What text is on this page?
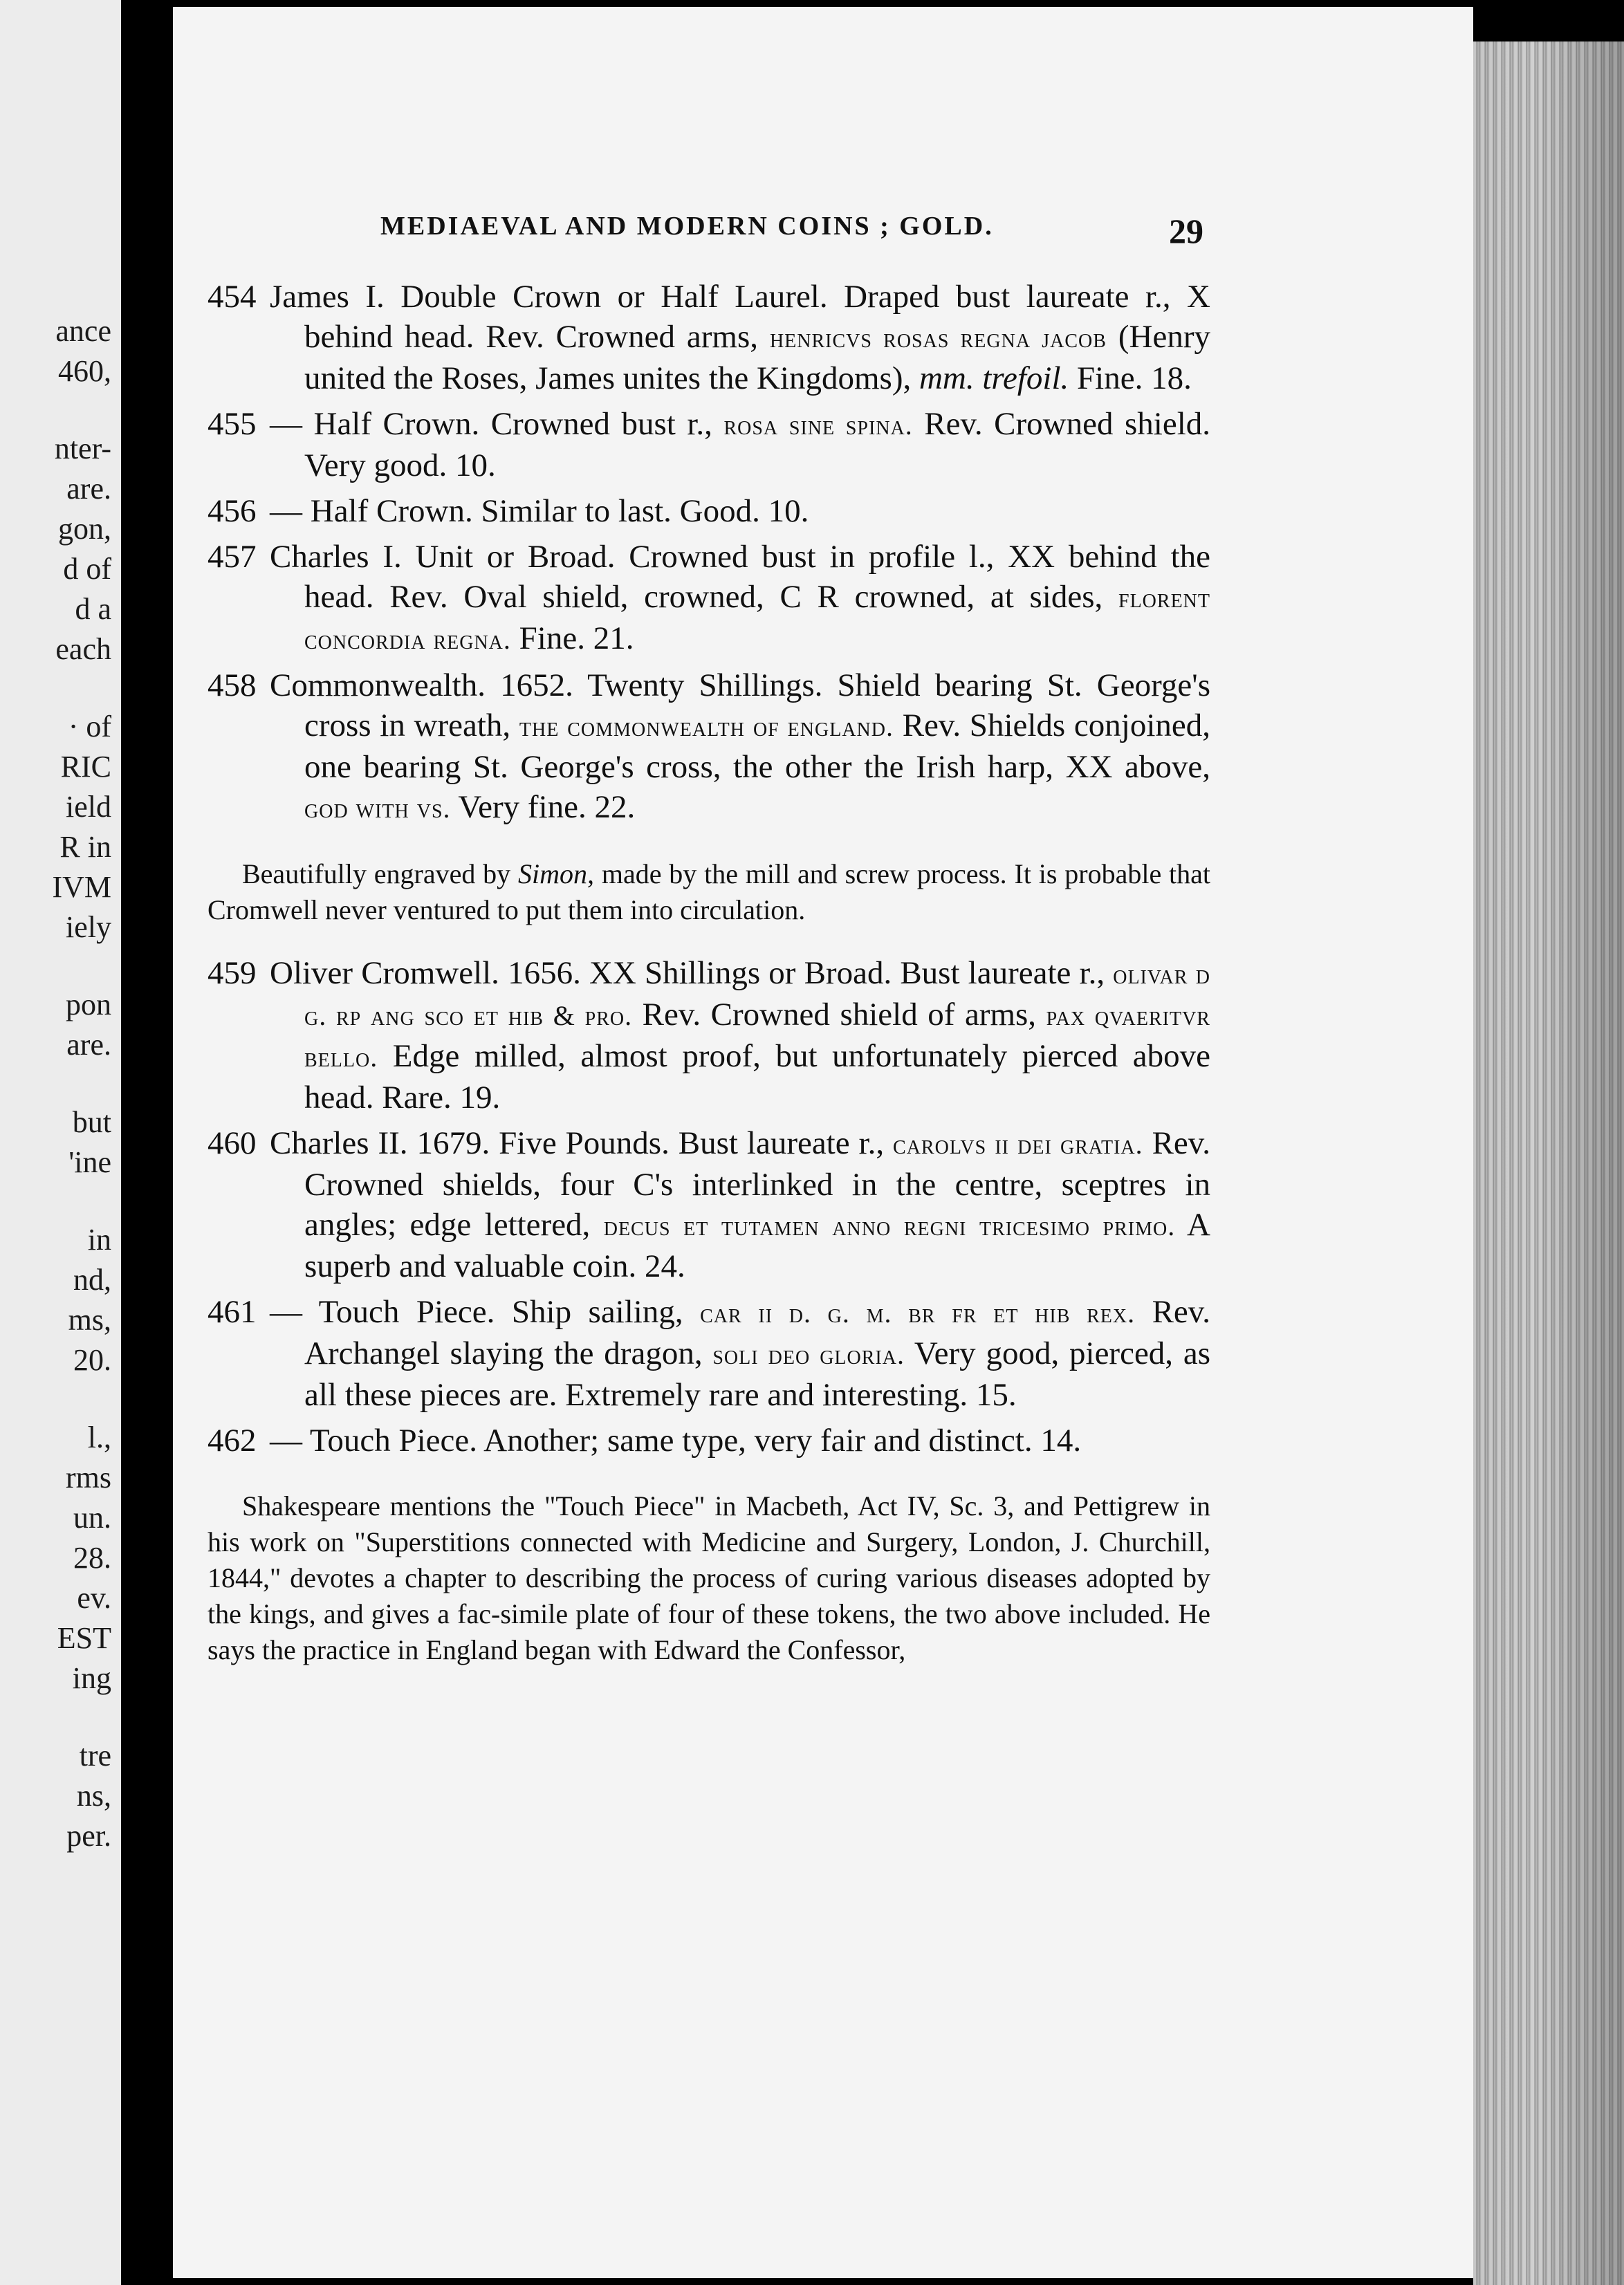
ance
460,
nter-
are.
gon,
d of
d a
each
· of
RIC
ield
R in
IVM
iely
pon
are.
but
'ine
in
nd,
ms,
20.
l.,
rms
un.
28.
ev.
EST
ing
tre
ns,
per.
MEDIAEVAL AND MODERN COINS ; GOLD.	29
454 James I. Double Crown or Half Laurel. Draped bust laureate r., X behind head. Rev. Crowned arms, henricvs rosas regna jacob (Henry united the Roses, James unites the Kingdoms), mm. trefoil. Fine. 18.
455 — Half Crown. Crowned bust r., rosa sine spina. Rev. Crowned shield. Very good. 10.
456 — Half Crown. Similar to last. Good. 10.
457 Charles I. Unit or Broad. Crowned bust in profile l., XX behind the head. Rev. Oval shield, crowned, C R crowned, at sides, florent concordia regna. Fine. 21.
458 Commonwealth. 1652. Twenty Shillings. Shield bearing St. George's cross in wreath, the commonwealth of england. Rev. Shields conjoined, one bearing St. George's cross, the other the Irish harp, XX above, god with vs. Very fine. 22.
Beautifully engraved by Simon, made by the mill and screw process. It is probable that Cromwell never ventured to put them into circulation.
459 Oliver Cromwell. 1656. XX Shillings or Broad. Bust laureate r., olivar d g. rp ang sco et hib & pro. Rev. Crowned shield of arms, pax qvaeritvr bello. Edge milled, almost proof, but unfortunately pierced above head. Rare. 19.
460 Charles II. 1679. Five Pounds. Bust laureate r., carolvs ii dei gratia. Rev. Crowned shields, four C's interlinked in the centre, sceptres in angles; edge lettered, decus et tutamen anno regni tricesimo primo. A superb and valuable coin. 24.
461 — Touch Piece. Ship sailing, car ii d. g. m. br fr et hib rex. Rev. Archangel slaying the dragon, soli deo gloria. Very good, pierced, as all these pieces are. Extremely rare and interesting. 15.
462 — Touch Piece. Another; same type, very fair and distinct. 14.
Shakespeare mentions the "Touch Piece" in Macbeth, Act IV, Sc. 3, and Pettigrew in his work on "Superstitions connected with Medicine and Surgery, London, J. Churchill, 1844," devotes a chapter to describing the process of curing various diseases adopted by the kings, and gives a fac-simile plate of four of these tokens, the two above included. He says the practice in England began with Edward the Confessor,
